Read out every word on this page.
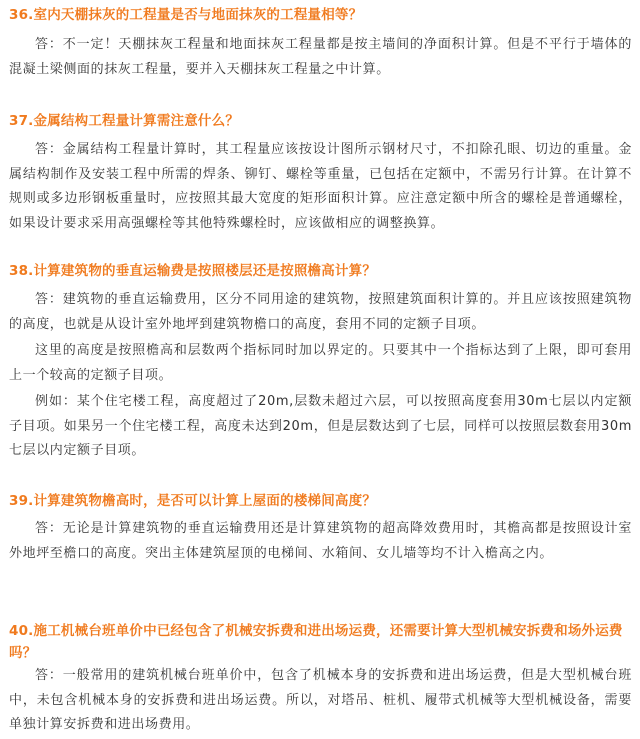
36.室内天棚抹灰的工程量是否与地面抹灰的工程量相等？
答：不一定！天棚抹灰工程量和地面抹灰工程量都是按主墙间的净面积计算。但是不平行于墙体的混凝土梁侧面的抹灰工程量，要并入天棚抹灰工程量之中计算。
37.金属结构工程量计算需注意什么？
答：金属结构工程量计算时，其工程量应该按设计图所示钢材尺寸，不扣除孔眼、切边的重量。金属结构制作及安装工程中所需的焊条、铆钉、螺栓等重量，已包括在定额中，不需另行计算。在计算不规则或多边形钢板重量时，应按照其最大宽度的矩形面积计算。应注意定额中所含的螺栓是普通螺栓，如果设计要求采用高强螺栓等其他特殊螺栓时，应该做相应的调整换算。
38.计算建筑物的垂直运输费是按照楼层还是按照檐高计算？
答：建筑物的垂直运输费用，区分不同用途的建筑物，按照建筑面积计算的。并且应该按照建筑物的高度，也就是从设计室外地坪到建筑物檐口的高度，套用不同的定额子目项。
这里的高度是按照檐高和层数两个指标同时加以界定的。只要其中一个指标达到了上限，即可套用上一个较高的定额子目项。
例如：某个住宅楼工程，高度超过了20m,层数未超过六层，可以按照高度套用30m七层以内定额子目项。如果另一个住宅楼工程，高度未达到20m，但是层数达到了七层，同样可以按照层数套用30m七层以内定额子目项。
39.计算建筑物檐高时，是否可以计算上屋面的楼梯间高度？
答：无论是计算建筑物的垂直运输费用还是计算建筑物的超高降效费用时，其檐高都是按照设计室外地坪至檐口的高度。突出主体建筑屋顶的电梯间、水箱间、女儿墙等均不计入檐高之内。
40.施工机械台班单价中已经包含了机械安拆费和进出场运费，还需要计算大型机械安拆费和场外运费吗？
答：一般常用的建筑机械台班单价中，包含了机械本身的安拆费和进出场运费，但是大型机械台班中，未包含机械本身的安拆费和进出场运费。所以，对塔吊、桩机、履带式机械等大型机械设备，需要单独计算安拆费和进出场费用。
